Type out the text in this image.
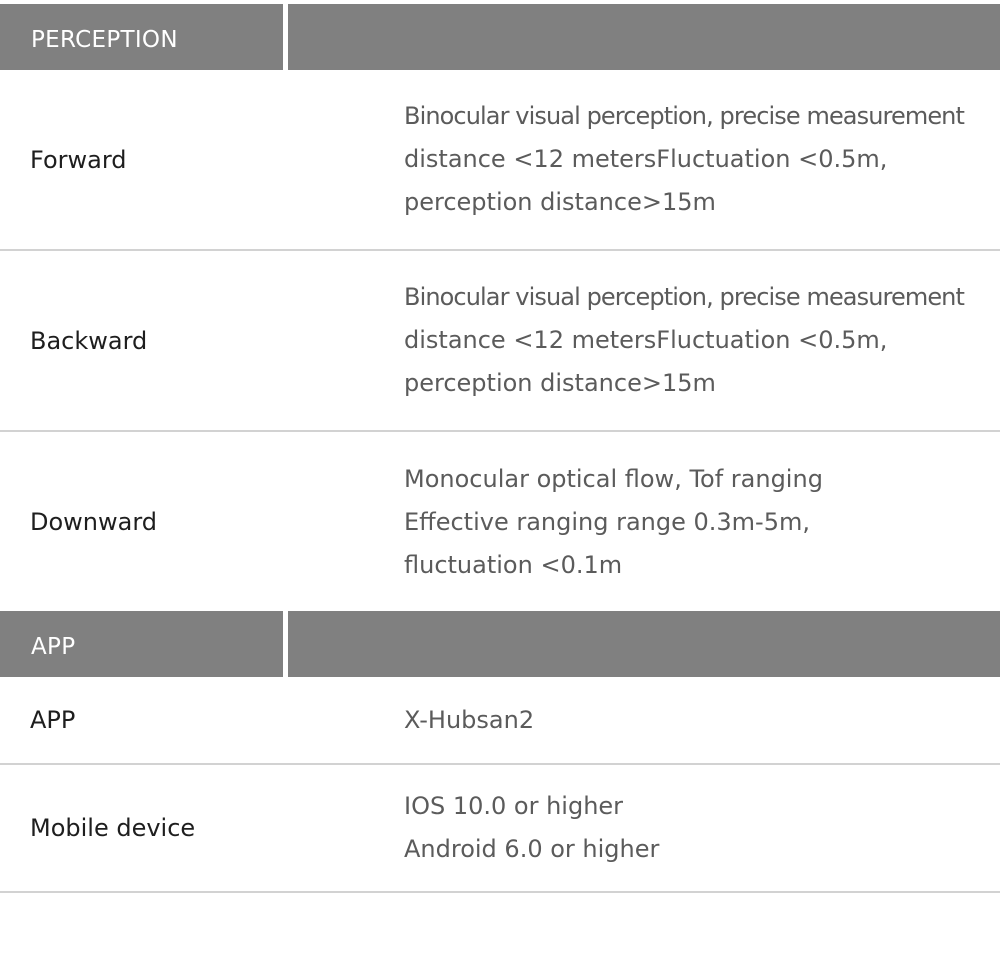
PERCEPTION
Forward
Binocular visual perception, precise measurement
distance <12 metersFluctuation <0.5m,
perception distance>15m
Backward
Binocular visual perception, precise measurement
distance <12 metersFluctuation <0.5m,
perception distance>15m
Downward
Monocular optical flow, Tof ranging
Effective ranging range 0.3m-5m,
fluctuation <0.1m
APP
APP	X-Hubsan2
Mobile device
IOS 10.0 or higher
Android 6.0 or higher
